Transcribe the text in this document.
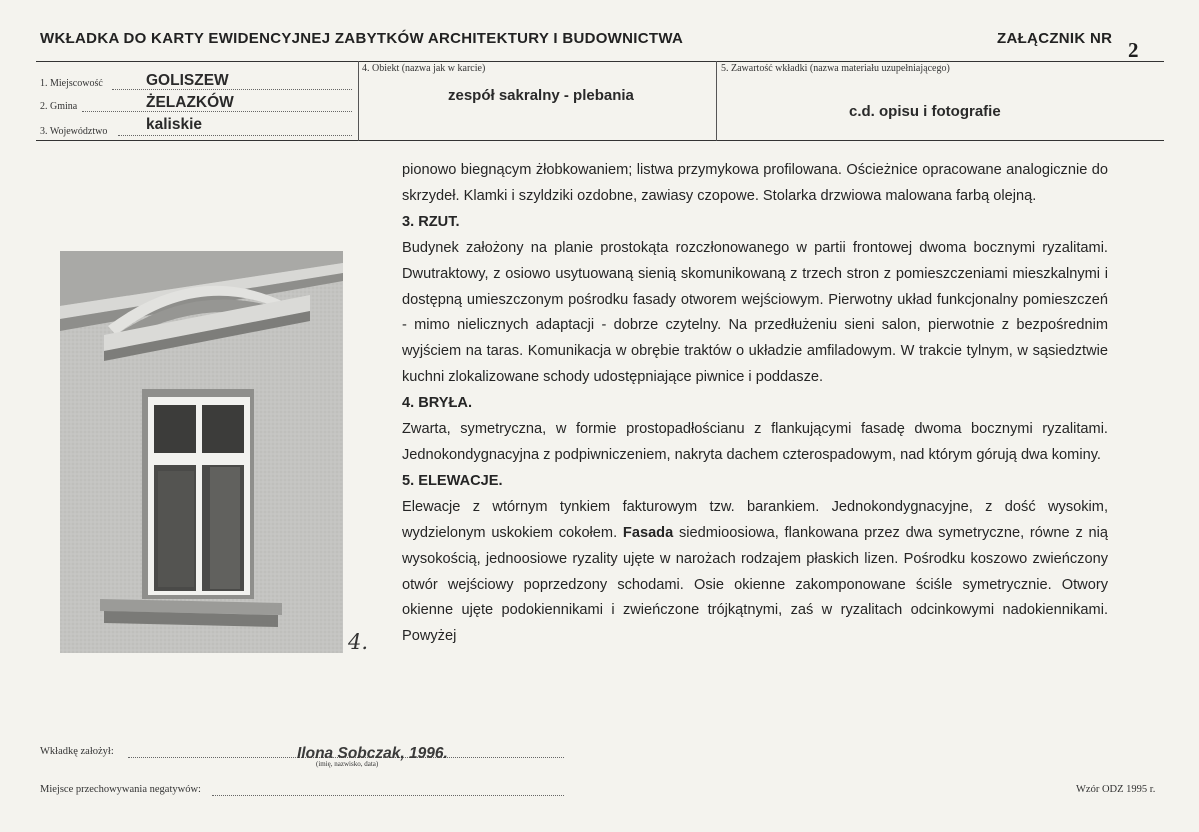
WKŁADKA DO KARTY EWIDENCYJNEJ ZABYTKÓW ARCHITEKTURY I BUDOWNICTWA	ZAŁĄCZNIK NR 2
1. Miejscowość	GOLISZEW
2. Gmina	ŻELAZKÓW
3. Województwo kaliskie
4. Obiekt (nazwa jak w karcie)
zespół sakralny - plebania
5. Zawartość wkładki (nazwa materiału uzupełniającego)
c.d. opisu i fotografie
4.

pionowo biegnącym żłobkowaniem; listwa przymykowa profilowana. Ościeżnice opracowane analogicznie do skrzydeł. Klamki i szyldziki ozdobne, zawiasy czopowe. Stolarka drzwiowa malowana farbą olejną.

3. RZUT.

Budynek założony na planie prostokąta rozczłonowanego w partii frontowej dwoma bocznymi ryzalitami. Dwutraktowy, z osiowo usytuowaną sienią skomunikowaną z trzech stron z pomieszczeniami mieszkalnymi i dostępną umieszczonym pośrodku fasady otworem wejściowym. Pierwotny układ funkcjonalny pomieszczeń - mimo nielicznych adaptacji - dobrze czytelny. Na przedłużeniu sieni salon, pierwotnie z bezpośrednim wyjściem na taras. Komunikacja w obrębie traktów o układzie amfiladowym. W trakcie tylnym, w sąsiedztwie kuchni zlokalizowane schody udostępniające piwnice i poddasze.

4. BRYŁA.

Zwarta, symetryczna, w formie prostopadłościanu z flankującymi fasadę dwoma bocznymi ryzalitami. Jednokondygnacyjna z podpiwniczeniem, nakryta dachem czterospadowym, nad którym górują dwa kominy.

5. ELEWACJE.

Elewacje z wtórnym tynkiem fakturowym tzw. barankiem. Jednokondygnacyjne, z dość wysokim, wydzielonym uskokiem cokołem. Fasada siedmioosiowa, flankowana przez dwa symetryczne, równe z nią wysokością, jednoosiowe ryzality ujęte w narożach rodzajem płaskich lizen. Pośrodku koszowo zwieńczony otwór wejściowy poprzedzony schodami. Osie okienne zakomponowane ściśle symetrycznie. Otwory okienne ujęte podokiennikami i zwieńczone trójkątnymi, zaś w ryzalitach odcinkowymi nadokiennikami. Powyżej

Wkładkę założył:	Ilona Sobczak, 1996.
(imię, nazwisko, data)
Miejsce przechowywania negatywów:	Wzór ODZ 1995 r.
